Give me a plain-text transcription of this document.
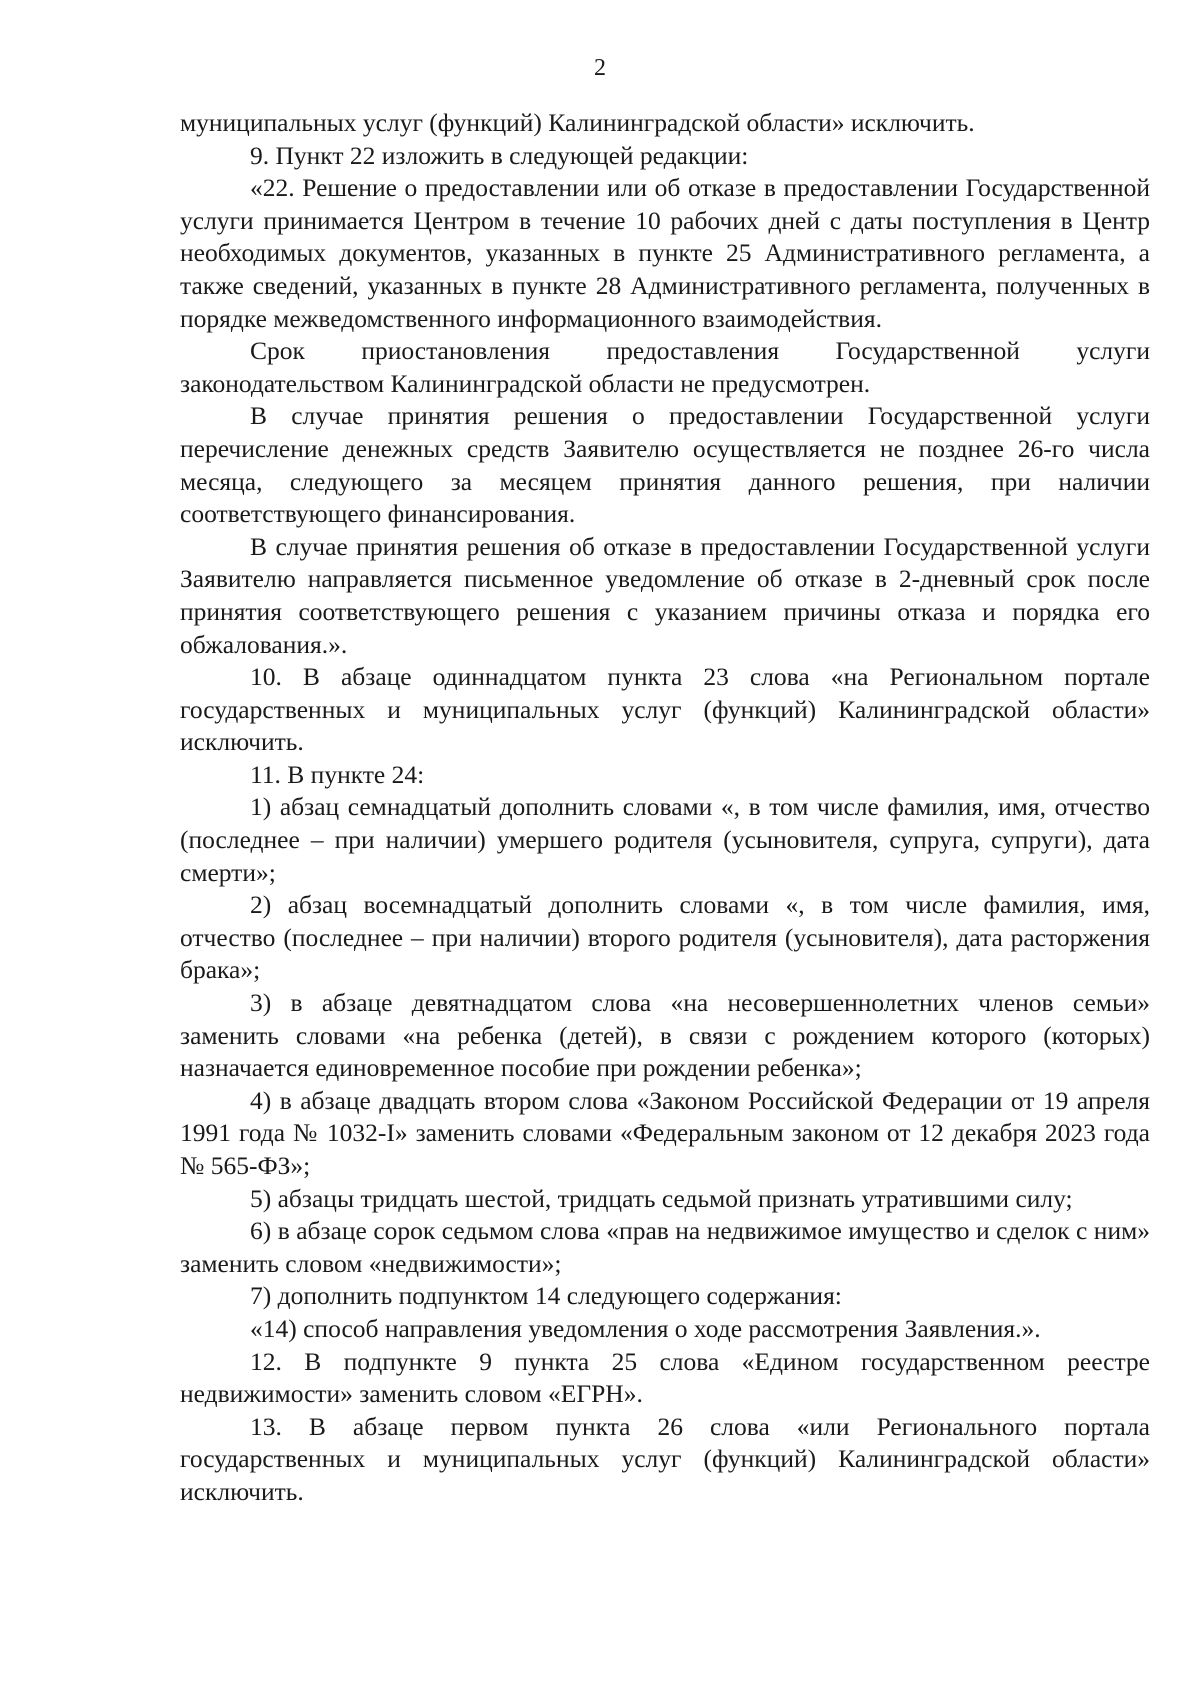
2

муниципальных услуг (функций) Калининградской области» исключить.

9. Пункт 22 изложить в следующей редакции:

«22. Решение о предоставлении или об отказе в предоставлении Государственной услуги принимается Центром в течение 10 рабочих дней с даты поступления в Центр необходимых документов, указанных в пункте 25 Административного регламента, а также сведений, указанных в пункте 28 Административного регламента, полученных в порядке межведомственного информационного взаимодействия.

Срок приостановления предоставления Государственной услуги законодательством Калининградской области не предусмотрен.

В случае принятия решения о предоставлении Государственной услуги перечисление денежных средств Заявителю осуществляется не позднее 26-го числа месяца, следующего за месяцем принятия данного решения, при наличии соответствующего финансирования.

В случае принятия решения об отказе в предоставлении Государственной услуги Заявителю направляется письменное уведомление об отказе в 2-дневный срок после принятия соответствующего решения с указанием причины отказа и порядка его обжалования.».

10. В абзаце одиннадцатом пункта 23 слова «на Региональном портале государственных и муниципальных услуг (функций) Калининградской области» исключить.

11. В пункте 24:

1) абзац семнадцатый дополнить словами «, в том числе фамилия, имя, отчество (последнее – при наличии) умершего родителя (усыновителя, супруга, супруги), дата смерти»;

2) абзац восемнадцатый дополнить словами «, в том числе фамилия, имя, отчество (последнее – при наличии) второго родителя (усыновителя), дата расторжения брака»;

3) в абзаце девятнадцатом слова «на несовершеннолетних членов семьи» заменить словами «на ребенка (детей), в связи с рождением которого (которых) назначается единовременное пособие при рождении ребенка»;

4) в абзаце двадцать втором слова «Законом Российской Федерации от 19 апреля 1991 года № 1032-I» заменить словами «Федеральным законом от 12 декабря 2023 года № 565-ФЗ»;

5) абзацы тридцать шестой, тридцать седьмой признать утратившими силу;

6) в абзаце сорок седьмом слова «прав на недвижимое имущество и сделок с ним» заменить словом «недвижимости»;

7) дополнить подпунктом 14 следующего содержания:

«14) способ направления уведомления о ходе рассмотрения Заявления.».

12. В подпункте 9 пункта 25 слова «Едином государственном реестре недвижимости» заменить словом «ЕГРН».

13. В абзаце первом пункта 26 слова «или Регионального портала государственных и муниципальных услуг (функций) Калининградской области» исключить.
